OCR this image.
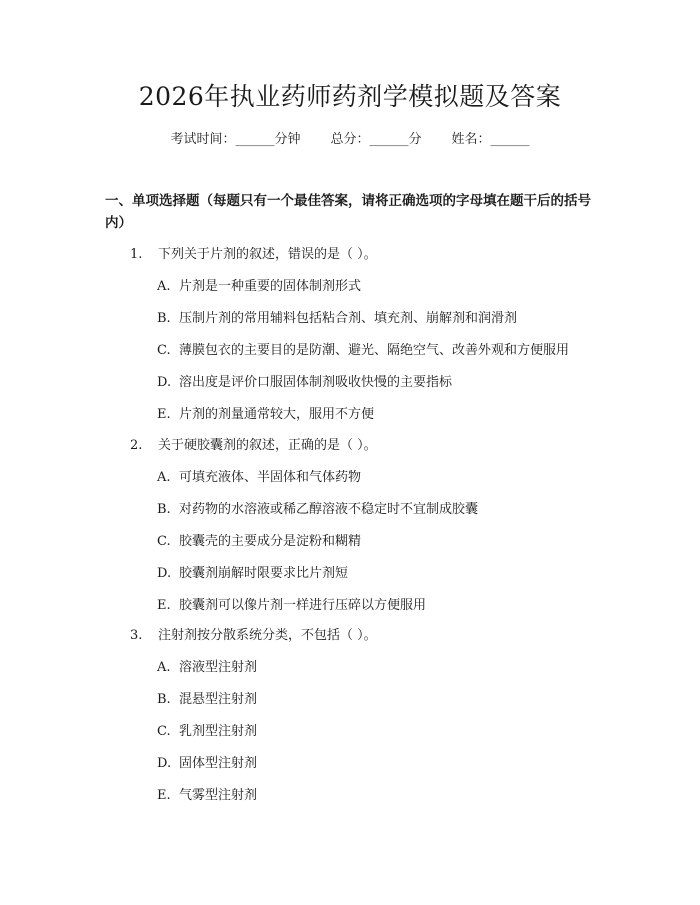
2026年执业药师药剂学模拟题及答案
考试时间：______分钟 总分：______分 姓名：______
一、单项选择题（每题只有一个最佳答案，请将正确选项的字母填在题干后的括号内）
1. 下列关于片剂的叙述，错误的是（ ）。
A. 片剂是一种重要的固体制剂形式
B. 压制片剂的常用辅料包括粘合剂、填充剂、崩解剂和润滑剂
C. 薄膜包衣的主要目的是防潮、避光、隔绝空气、改善外观和方便服用
D. 溶出度是评价口服固体制剂吸收快慢的主要指标
E. 片剂的剂量通常较大，服用不方便
2. 关于硬胶囊剂的叙述，正确的是（ ）。
A. 可填充液体、半固体和气体药物
B. 对药物的水溶液或稀乙醇溶液不稳定时不宜制成胶囊
C. 胶囊壳的主要成分是淀粉和糊精
D. 胶囊剂崩解时限要求比片剂短
E. 胶囊剂可以像片剂一样进行压碎以方便服用
3. 注射剂按分散系统分类，不包括（ ）。
A. 溶液型注射剂
B. 混悬型注射剂
C. 乳剂型注射剂
D. 固体型注射剂
E. 气雾型注射剂
